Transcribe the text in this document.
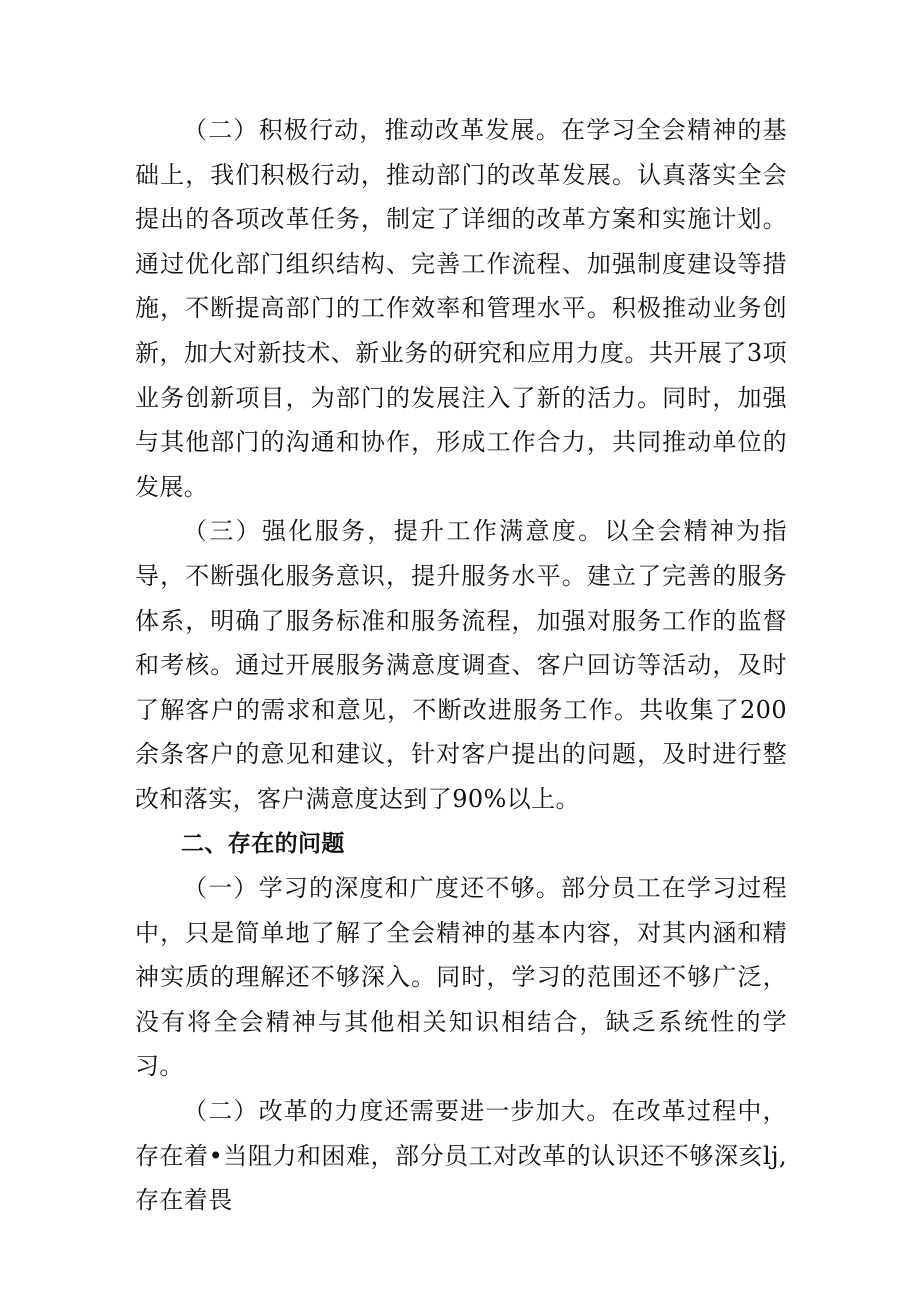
（二）积极行动，推动改革发展。在学习全会精神的基础上，我们积极行动，推动部门的改革发展。认真落实全会提出的各项改革任务，制定了详细的改革方案和实施计划。通过优化部门组织结构、完善工作流程、加强制度建设等措施，不断提高部门的工作效率和管理水平。积极推动业务创新，加大对新技术、新业务的研究和应用力度。共开展了3项业务创新项目，为部门的发展注入了新的活力。同时，加强与其他部门的沟通和协作，形成工作合力，共同推动单位的发展。

（三）强化服务，提升工作满意度。以全会精神为指导，不断强化服务意识，提升服务水平。建立了完善的服务体系，明确了服务标准和服务流程，加强对服务工作的监督和考核。通过开展服务满意度调查、客户回访等活动，及时了解客户的需求和意见，不断改进服务工作。共收集了200余条客户的意见和建议，针对客户提出的问题，及时进行整改和落实，客户满意度达到了90%以上。

二、存在的问题

（一）学习的深度和广度还不够。部分员工在学习过程中，只是简单地了解了全会精神的基本内容，对其内涵和精神实质的理解还不够深入。同时，学习的范围还不够广泛，没有将全会精神与其他相关知识相结合，缺乏系统性的学习。

（二）改革的力度还需要进一步加大。在改革过程中，存在着•当阻力和困难，部分员工对改革的认识还不够深亥lj,存在着畏
